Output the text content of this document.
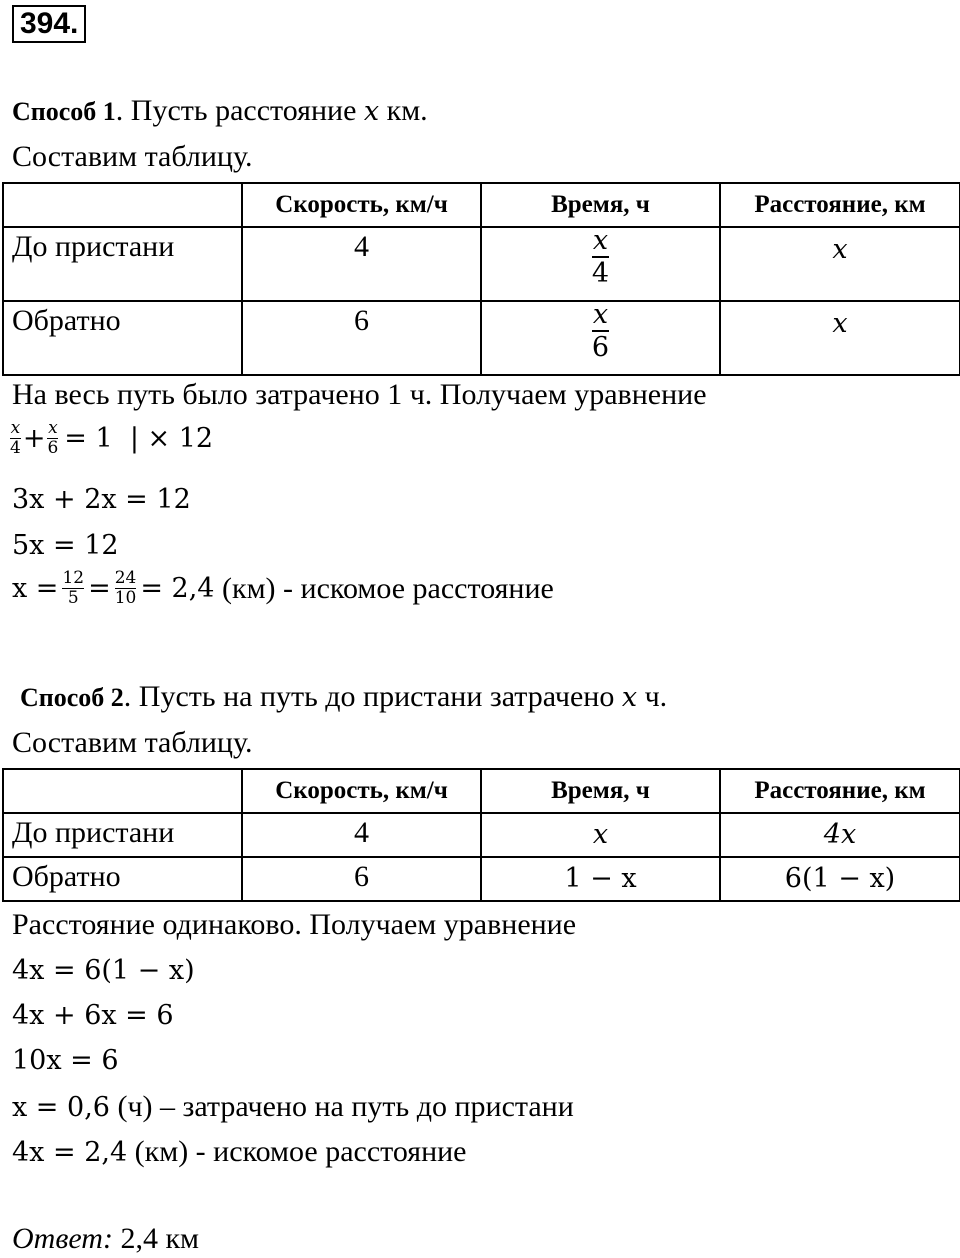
394.
Способ 1. Пусть расстояние x км.
Составим таблицу.
	Скорость, км/ч	Время, ч	Расстояние, км
До пристани	4	$\frac{x}{4}$	x
Обратно	6	$\frac{x}{6}$	x
На весь путь было затрачено 1 ч. Получаем уравнение
$\frac{x}{4} + \frac{x}{6} = 1$  | × 12
3x + 2x = 12
5x = 12
$x = \frac{12}{5} = \frac{24}{10} = 2,4$ (км) - искомое расстояние
Способ 2. Пусть на путь до пристани затрачено x ч.
Составим таблицу.
	Скорость, км/ч	Время, ч	Расстояние, км
До пристани	4	x	4x
Обратно	6	1 − x	6(1 − x)
Расстояние одинаково. Получаем уравнение
4x = 6(1 − x)
4x + 6x = 6
10x = 6
x = 0,6 (ч) – затрачено на путь до пристани
4x = 2,4 (км) - искомое расстояние
Ответ: 2,4 км
